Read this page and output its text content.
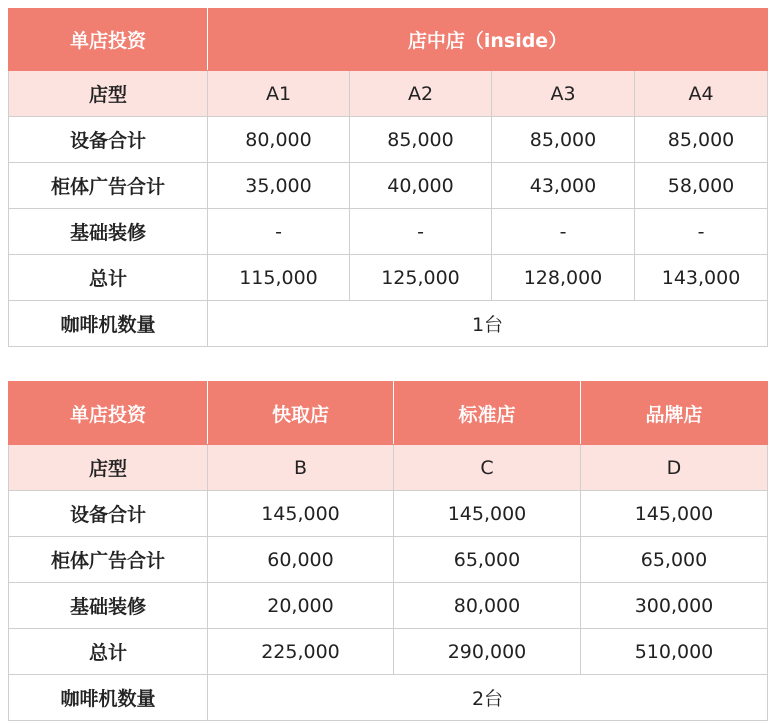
单店投资	店中店（inside）			
店型	A1	A2	A3	A4
设备合计	80,000	85,000	85,000	85,000
柜体广告合计	35,000	40,000	43,000	58,000
基础装修	-	-	-	-
总计	115,000	125,000	128,000	143,000
咖啡机数量	1台			
单店投资	快取店	标准店	品牌店
店型	B	C	D
设备合计	145,000	145,000	145,000
柜体广告合计	60,000	65,000	65,000
基础装修	20,000	80,000	300,000
总计	225,000	290,000	510,000
咖啡机数量	2台		
